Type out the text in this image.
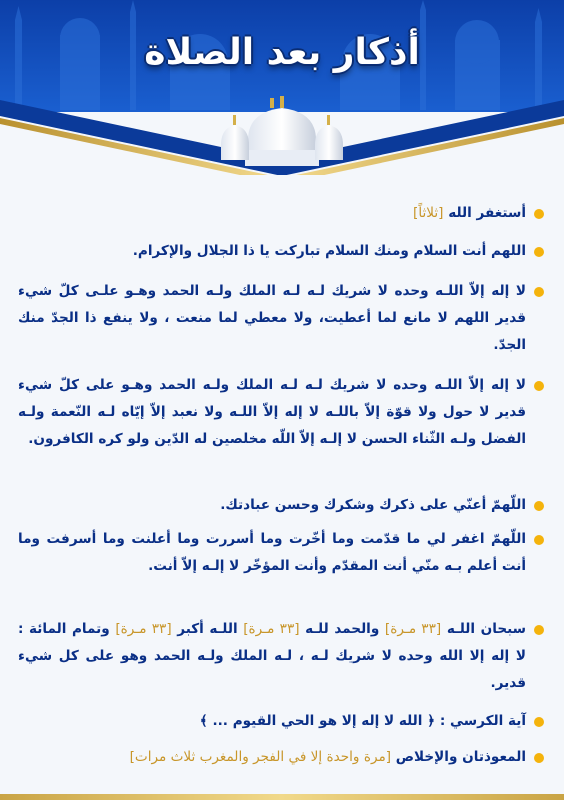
أذكار بعد الصلاة
أستغفر الله [ثلاثاً]
اللهم أنت السلام ومنك السلام تباركت يا ذا الجلال والإكرام.
لا إله إلاّ اللـه وحده لا شريك لـه لـه الملك ولـه الحمد وهـو علـى كلّ شيء قدير اللهم لا مانع لما أعطيت، ولا معطي لما منعت ، ولا ينفع ذا الجدّ منك الجدّ.
لا إله إلاّ اللـه وحده لا شريك لـه لـه الملك ولـه الحمد وهـو على كلّ شيء قدير لا حول ولا قوّة إلاّ باللـه لا إله إلاّ اللـه ولا نعبد إلاّ إيّاه لـه النّعمة ولـه الفضل ولـه الثّناء الحسن لا إلـه إلاّ اللّه مخلصين له الدّين ولو كره الكافرون.
اللّهمّ أعنّي على ذكرك وشكرك وحسن عبادتك.
اللّهمّ اغفر لي ما قدّمت وما أخّرت وما أسررت وما أعلنت وما أسرفت وما أنت أعلم بـه منّي أنت المقدّم وأنت المؤخّر لا إلـه إلاّ أنت.
سبحان اللـه [٣٣ مـرة] والحمد للـه [٣٣ مـرة] اللـه أكبر [٣٣ مـرة] وتمام المائة : لا إله إلا الله وحده لا شريك لـه ، لـه الملك ولـه الحمد وهو على كل شيء قدير.
آية الكرسي : ﴿ الله لا إله إلا هو الحي القيوم ... ﴾
المعوذتان والإخلاص [مرة واحدة إلا في الفجر والمغرب ثلاث مرات]
